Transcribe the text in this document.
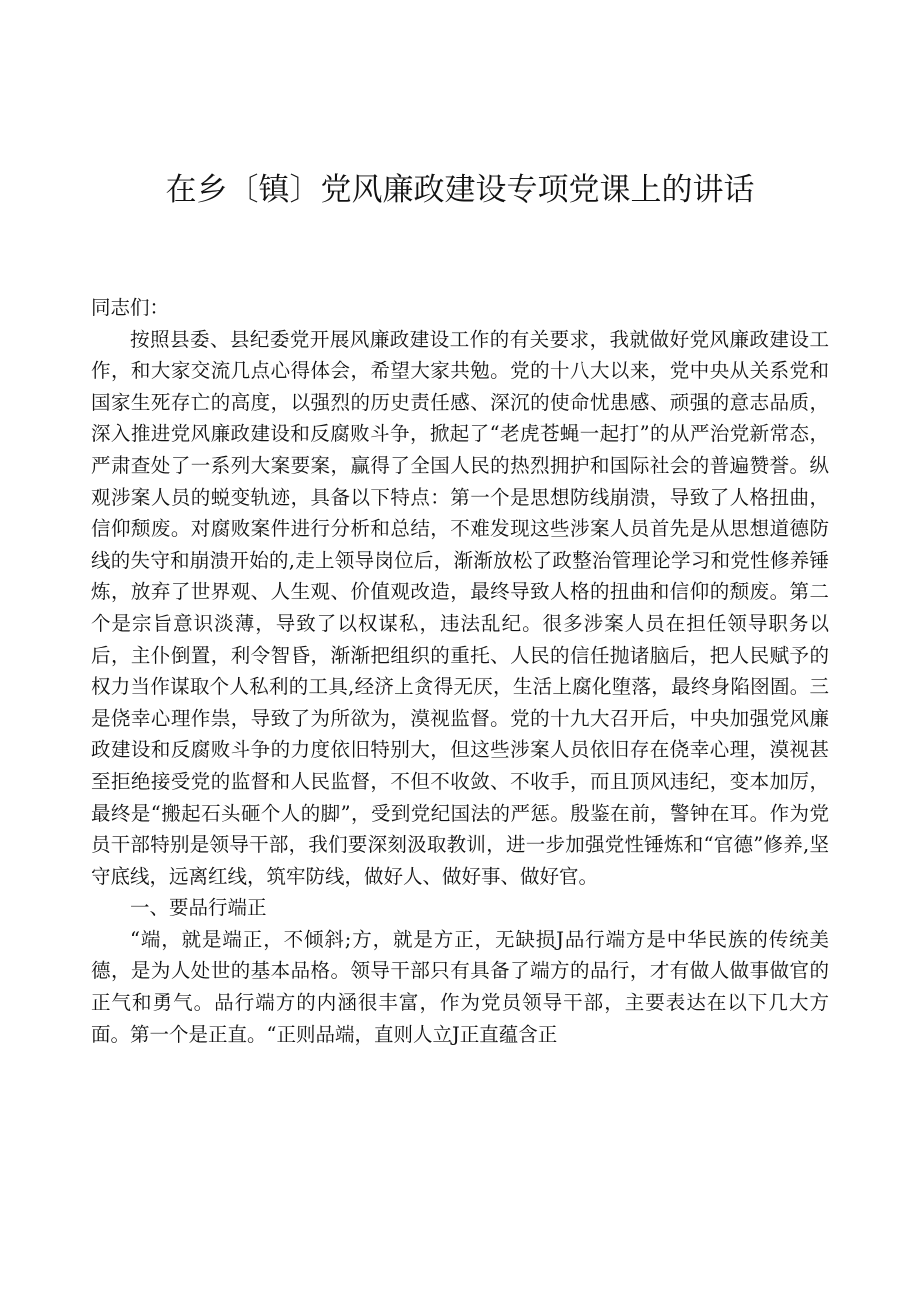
在乡〔镇〕党风廉政建设专项党课上的讲话

同志们：

按照县委、县纪委党开展风廉政建设工作的有关要求，我就做好党风廉政建设工作，和大家交流几点心得体会，希望大家共勉。党的十八大以来，党中央从关系党和国家生死存亡的高度，以强烈的历史责任感、深沉的使命忧患感、顽强的意志品质，深入推进党风廉政建设和反腐败斗争，掀起了“老虎苍蝇一起打”的从严治党新常态，严肃查处了一系列大案要案，赢得了全国人民的热烈拥护和国际社会的普遍赞誉。纵观涉案人员的蜕变轨迹，具备以下特点：第一个是思想防线崩溃，导致了人格扭曲，信仰颓废。对腐败案件进行分析和总结，不难发现这些涉案人员首先是从思想道德防线的失守和崩溃开始的,走上领导岗位后，渐渐放松了政整治管理论学习和党性修养锤炼，放弃了世界观、人生观、价值观改造，最终导致人格的扭曲和信仰的颓废。第二个是宗旨意识淡薄，导致了以权谋私，违法乱纪。很多涉案人员在担任领导职务以后，主仆倒置，利令智昏，渐渐把组织的重托、人民的信任抛诸脑后，把人民赋予的权力当作谋取个人私利的工具,经济上贪得无厌，生活上腐化堕落，最终身陷囹圄。三是侥幸心理作祟，导致了为所欲为，漠视监督。党的十九大召开后，中央加强党风廉政建设和反腐败斗争的力度依旧特别大，但这些涉案人员依旧存在侥幸心理，漠视甚至拒绝接受党的监督和人民监督，不但不收敛、不收手，而且顶风违纪，变本加厉，最终是“搬起石头砸个人的脚”，受到党纪国法的严惩。殷鉴在前，警钟在耳。作为党员干部特别是领导干部，我们要深刻汲取教训，进一步加强党性锤炼和“官德”修养,坚守底线，远离红线，筑牢防线，做好人、做好事、做好官。

一、要品行端正

“端，就是端正，不倾斜;方，就是方正，无缺损J品行端方是中华民族的传统美德，是为人处世的基本品格。领导干部只有具备了端方的品行，才有做人做事做官的正气和勇气。品行端方的内涵很丰富，作为党员领导干部，主要表达在以下几大方面。第一个是正直。“正则品端，直则人立J正直蕴含正
